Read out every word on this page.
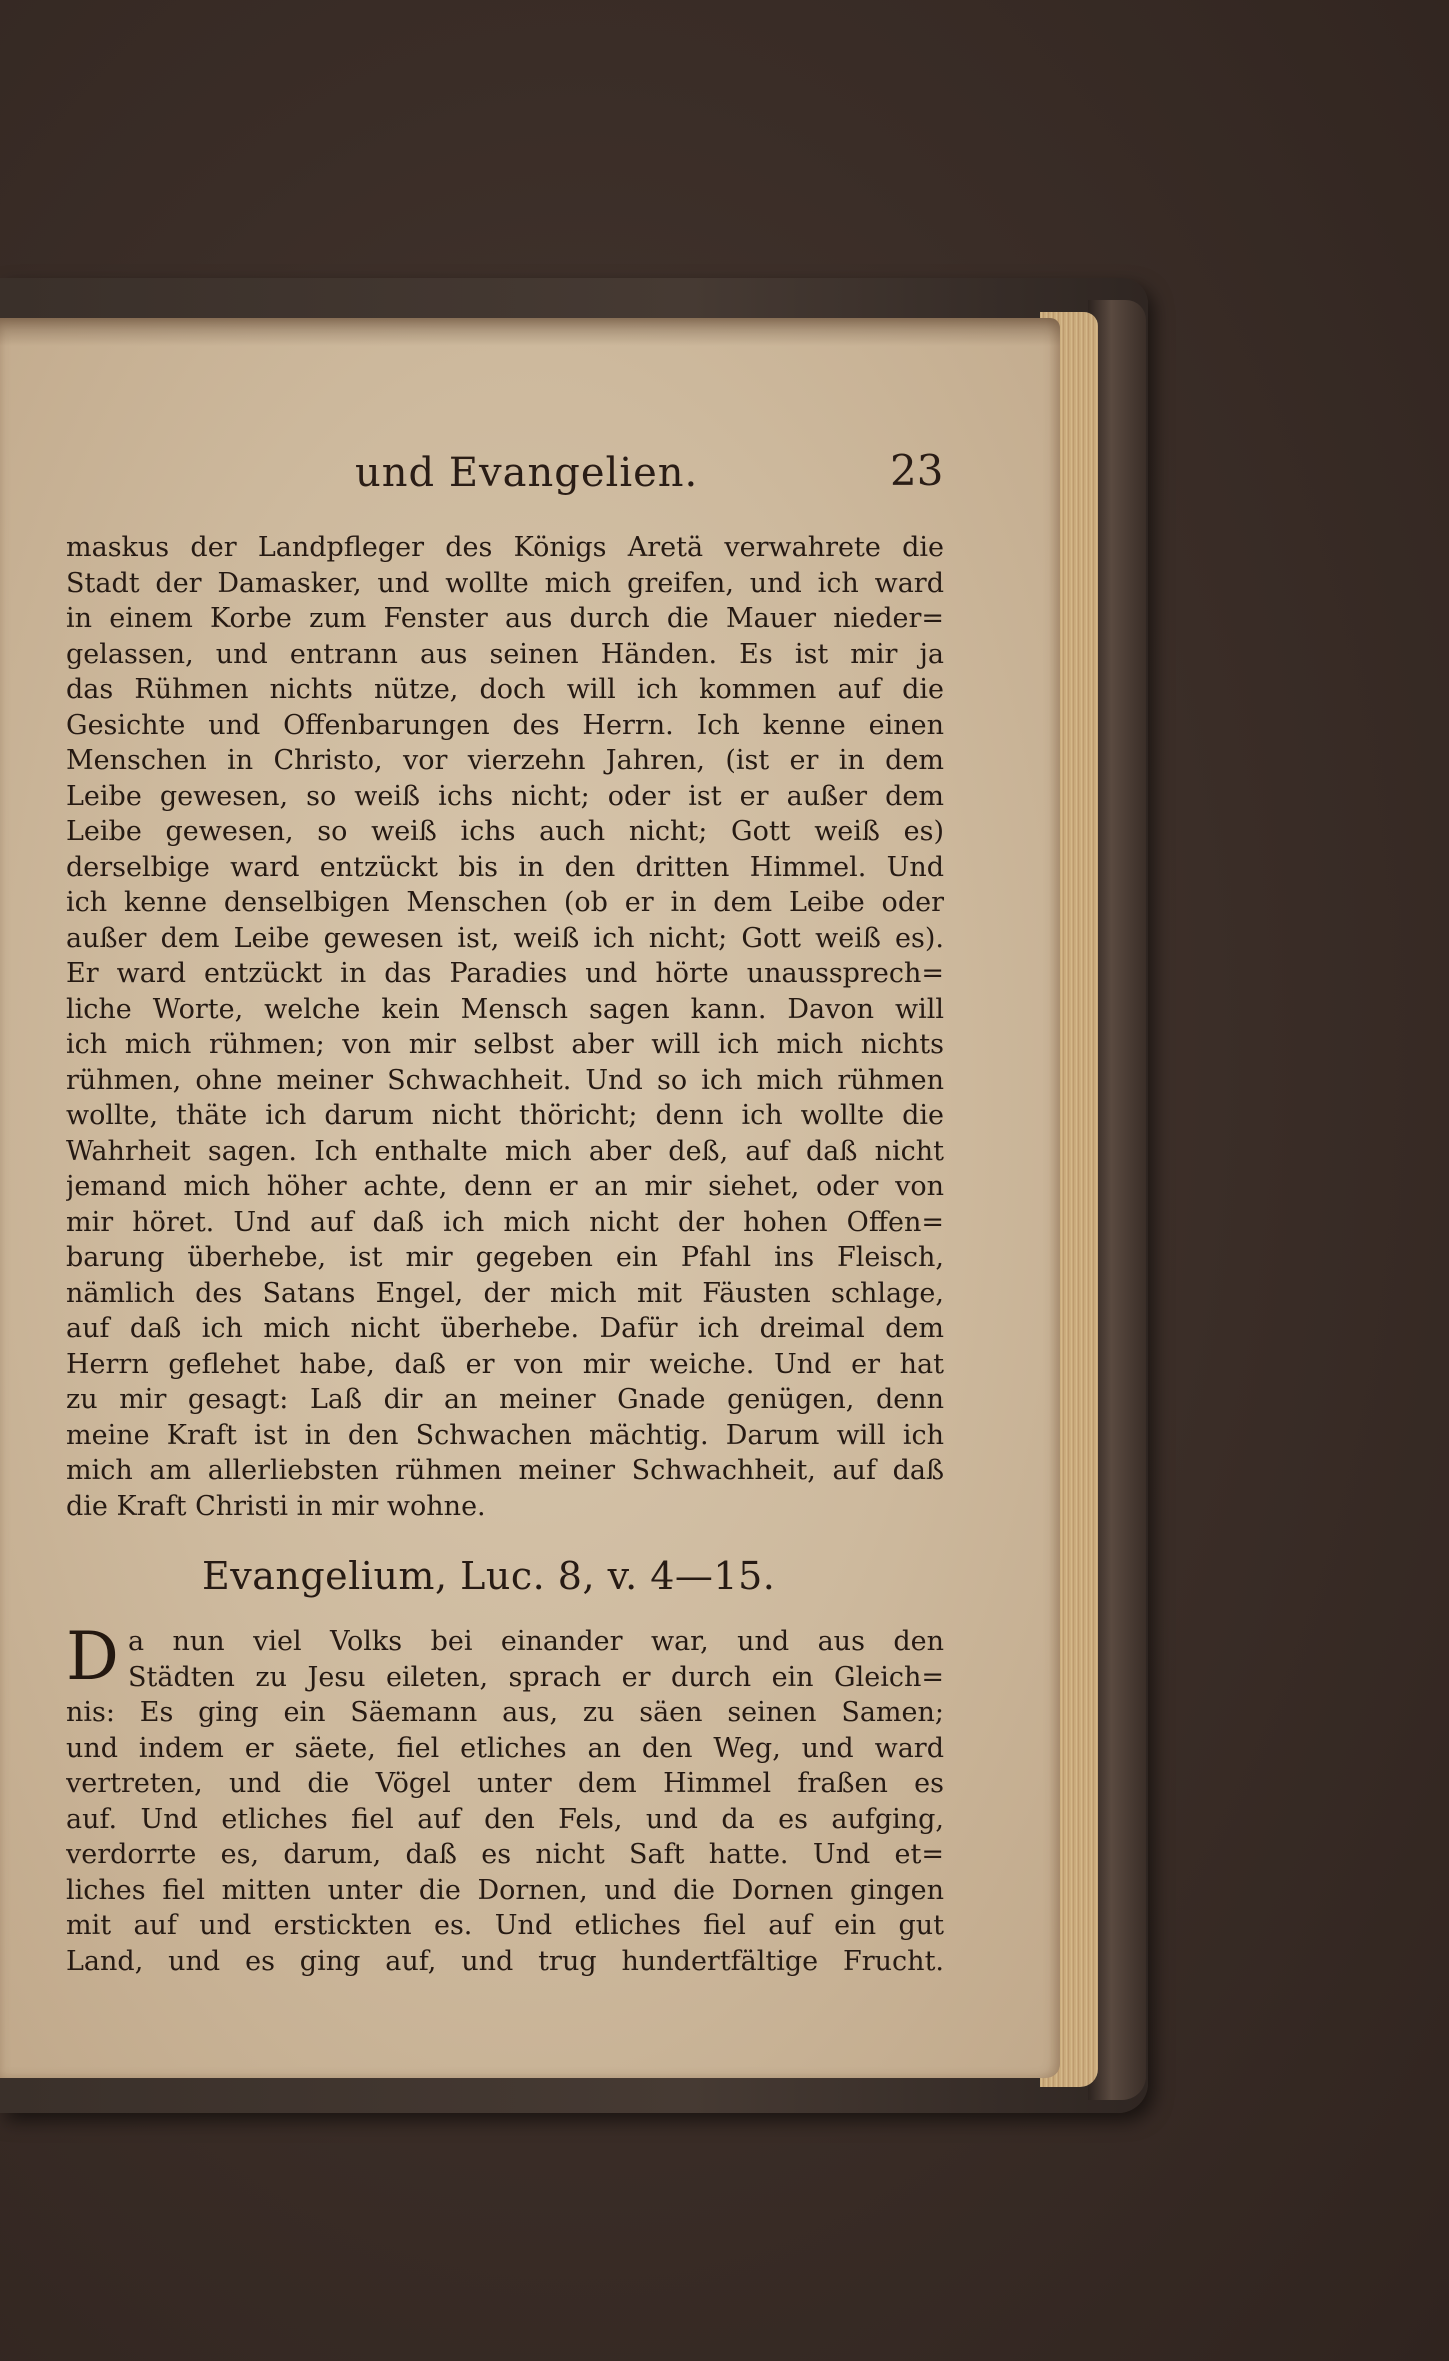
und Evangelien.	23
maskus der Landpfleger des Königs Aretä verwahrete die
Stadt der Damasker, und wollte mich greifen, und ich ward
in einem Korbe zum Fenster aus durch die Mauer nieder=
gelassen, und entrann aus seinen Händen. Es ist mir ja
das Rühmen nichts nütze, doch will ich kommen auf die
Gesichte und Offenbarungen des Herrn. Ich kenne einen
Menschen in Christo, vor vierzehn Jahren, (ist er in dem
Leibe gewesen, so weiß ichs nicht; oder ist er außer dem
Leibe gewesen, so weiß ichs auch nicht; Gott weiß es)
derselbige ward entzückt bis in den dritten Himmel. Und
ich kenne denselbigen Menschen (ob er in dem Leibe oder
außer dem Leibe gewesen ist, weiß ich nicht; Gott weiß es).
Er ward entzückt in das Paradies und hörte unaussprech=
liche Worte, welche kein Mensch sagen kann. Davon will
ich mich rühmen; von mir selbst aber will ich mich nichts
rühmen, ohne meiner Schwachheit. Und so ich mich rühmen
wollte, thäte ich darum nicht thöricht; denn ich wollte die
Wahrheit sagen. Ich enthalte mich aber deß, auf daß nicht
jemand mich höher achte, denn er an mir siehet, oder von
mir höret. Und auf daß ich mich nicht der hohen Offen=
barung überhebe, ist mir gegeben ein Pfahl ins Fleisch,
nämlich des Satans Engel, der mich mit Fäusten schlage,
auf daß ich mich nicht überhebe. Dafür ich dreimal dem
Herrn geflehet habe, daß er von mir weiche. Und er hat
zu mir gesagt: Laß dir an meiner Gnade genügen, denn
meine Kraft ist in den Schwachen mächtig. Darum will ich
mich am allerliebsten rühmen meiner Schwachheit, auf daß
die Kraft Christi in mir wohne.
Evangelium, Luc. 8, v. 4—15.
D a nun viel Volks bei einander war, und aus den
Städten zu Jesu eileten, sprach er durch ein Gleich=
nis: Es ging ein Säemann aus, zu säen seinen Samen;
und indem er säete, fiel etliches an den Weg, und ward
vertreten, und die Vögel unter dem Himmel fraßen es
auf. Und etliches fiel auf den Fels, und da es aufging,
verdorrte es, darum, daß es nicht Saft hatte. Und et=
liches fiel mitten unter die Dornen, und die Dornen gingen
mit auf und erstickten es. Und etliches fiel auf ein gut
Land, und es ging auf, und trug hundertfältige Frucht.
